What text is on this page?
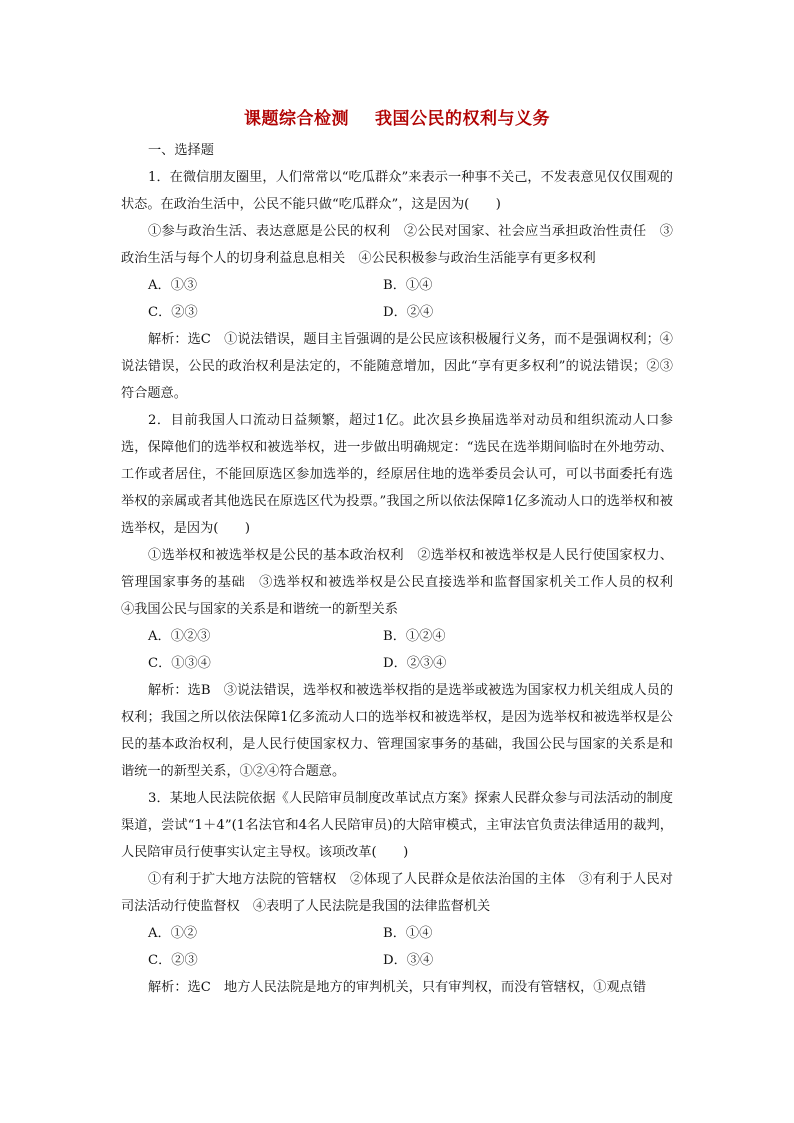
课题综合检测 我国公民的权利与义务
一、选择题

1．在微信朋友圈里，人们常常以“吃瓜群众”来表示一种事不关己，不发表意见仅仅围观的状态。在政治生活中，公民不能只做“吃瓜群众”，这是因为(　　)

①参与政治生活、表达意愿是公民的权利　②公民对国家、社会应当承担政治性责任　③政治生活与每个人的切身利益息息相关　④公民积极参与政治生活能享有更多权利

A．①③	B．①④
C．②③	D．②④

解析：选C　①说法错误，题目主旨强调的是公民应该积极履行义务，而不是强调权利；④说法错误，公民的政治权利是法定的，不能随意增加，因此“享有更多权利”的说法错误；②③符合题意。

2．目前我国人口流动日益频繁，超过1亿。此次县乡换届选举对动员和组织流动人口参选，保障他们的选举权和被选举权，进一步做出明确规定：“选民在选举期间临时在外地劳动、工作或者居住，不能回原选区参加选举的，经原居住地的选举委员会认可，可以书面委托有选举权的亲属或者其他选民在原选区代为投票。”我国之所以依法保障1亿多流动人口的选举权和被选举权，是因为(　　)

①选举权和被选举权是公民的基本政治权利　②选举权和被选举权是人民行使国家权力、管理国家事务的基础　③选举权和被选举权是公民直接选举和监督国家机关工作人员的权利　④我国公民与国家的关系是和谐统一的新型关系

A．①②③	B．①②④
C．①③④	D．②③④

解析：选B　③说法错误，选举权和被选举权指的是选举或被选为国家权力机关组成人员的权利；我国之所以依法保障1亿多流动人口的选举权和被选举权，是因为选举权和被选举权是公民的基本政治权利，是人民行使国家权力、管理国家事务的基础，我国公民与国家的关系是和谐统一的新型关系，①②④符合题意。

3．某地人民法院依据《人民陪审员制度改革试点方案》探索人民群众参与司法活动的制度渠道，尝试“1＋4”(1名法官和4名人民陪审员)的大陪审模式，主审法官负责法律适用的裁判，人民陪审员行使事实认定主导权。该项改革(　　)

①有利于扩大地方法院的管辖权　②体现了人民群众是依法治国的主体　③有利于人民对司法活动行使监督权　④表明了人民法院是我国的法律监督机关

A．①②	B．①④
C．②③	D．③④

解析：选C　地方人民法院是地方的审判机关，只有审判权，而没有管辖权，①观点错
